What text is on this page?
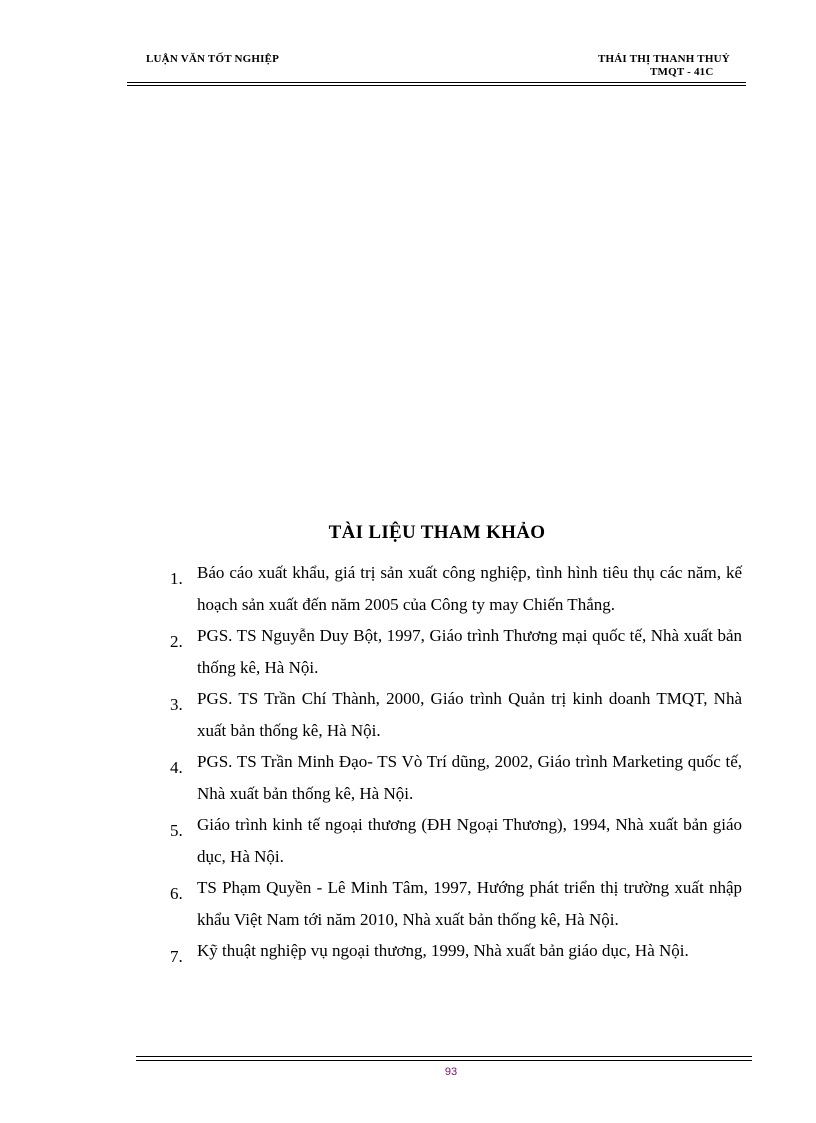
LUẬN VĂN TỐT NGHIỆP	THÁI THỊ THANH THUỶ
TMQT - 41C
TÀI LIỆU THAM KHẢO
1. Báo cáo xuất khẩu, giá trị sản xuất công nghiệp, tình hình tiêu thụ các năm, kế hoạch sản xuất đến năm 2005 của Công ty may Chiến Thắng.
2. PGS. TS Nguyễn Duy Bột, 1997, Giáo trình Thương mại quốc tế, Nhà xuất bản thống kê, Hà Nội.
3. PGS. TS Trần Chí Thành, 2000, Giáo trình Quản trị kinh doanh TMQT, Nhà xuất bản thống kê, Hà Nội.
4. PGS. TS Trần Minh Đạo- TS Vò Trí dũng, 2002, Giáo trình Marketing quốc tế, Nhà xuất bản thống kê, Hà Nội.
5. Giáo trình kinh tế ngoại thương (ĐH Ngoại Thương), 1994, Nhà xuất bản giáo dục, Hà Nội.
6. TS Phạm Quyền - Lê Minh Tâm, 1997, Hướng phát triển thị trường xuất nhập khẩu Việt Nam tới năm 2010, Nhà xuất bản thống kê, Hà Nội.
7. Kỹ thuật nghiệp vụ ngoại thương, 1999, Nhà xuất bản giáo dục, Hà Nội.
93
